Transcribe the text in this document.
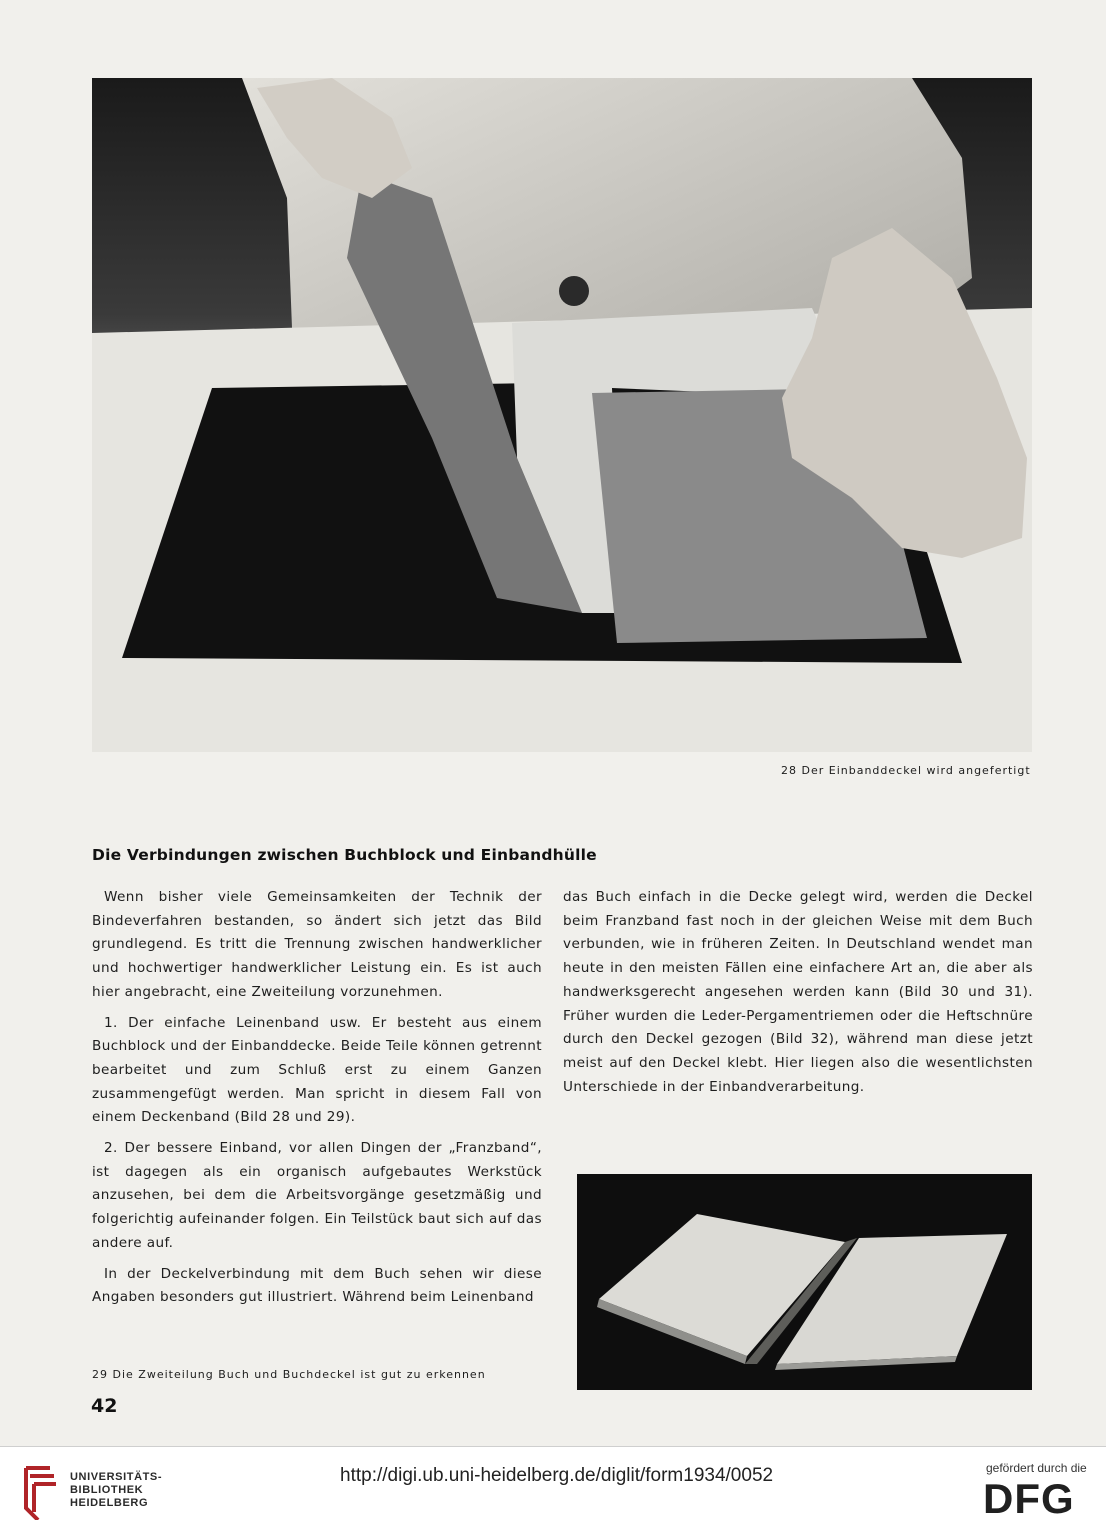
28 Der Einbanddeckel wird angefertigt
Die Verbindungen zwischen Buchblock und Einbandhülle

Wenn bisher viele Gemeinsamkeiten der Technik der Bindeverfahren bestanden, so ändert sich jetzt das Bild grundlegend. Es tritt die Trennung zwischen handwerklicher und hochwertiger handwerklicher Leistung ein. Es ist auch hier angebracht, eine Zweiteilung vorzunehmen.

1. Der einfache Leinenband usw. Er besteht aus einem Buchblock und der Einbanddecke. Beide Teile können getrennt bearbeitet und zum Schluß erst zu einem Ganzen zusammengefügt werden. Man spricht in diesem Fall von einem Deckenband (Bild 28 und 29).

2. Der bessere Einband, vor allen Dingen der „Franzband“, ist dagegen als ein organisch aufgebautes Werkstück anzusehen, bei dem die Arbeitsvorgänge gesetzmäßig und folgerichtig aufeinander folgen. Ein Teilstück baut sich auf das andere auf.

In der Deckelverbindung mit dem Buch sehen wir diese Angaben besonders gut illustriert. Während beim Leinenband

das Buch einfach in die Decke gelegt wird, werden die Deckel beim Franzband fast noch in der gleichen Weise mit dem Buch verbunden, wie in früheren Zeiten. In Deutschland wendet man heute in den meisten Fällen eine einfachere Art an, die aber als handwerksgerecht angesehen werden kann (Bild 30 und 31). Früher wurden die Leder-Pergamentriemen oder die Heftschnüre durch den Deckel gezogen (Bild 32), während man diese jetzt meist auf den Deckel klebt. Hier liegen also die wesentlichsten Unterschiede in der Einbandverarbeitung.

29 Die Zweiteilung Buch und Buchdeckel ist gut zu erkennen
42
UNIVERSITÄTS-
BIBLIOTHEK
HEIDELBERG
http://digi.ub.uni-heidelberg.de/diglit/form1934/0052	gefördert durch die
DFG
